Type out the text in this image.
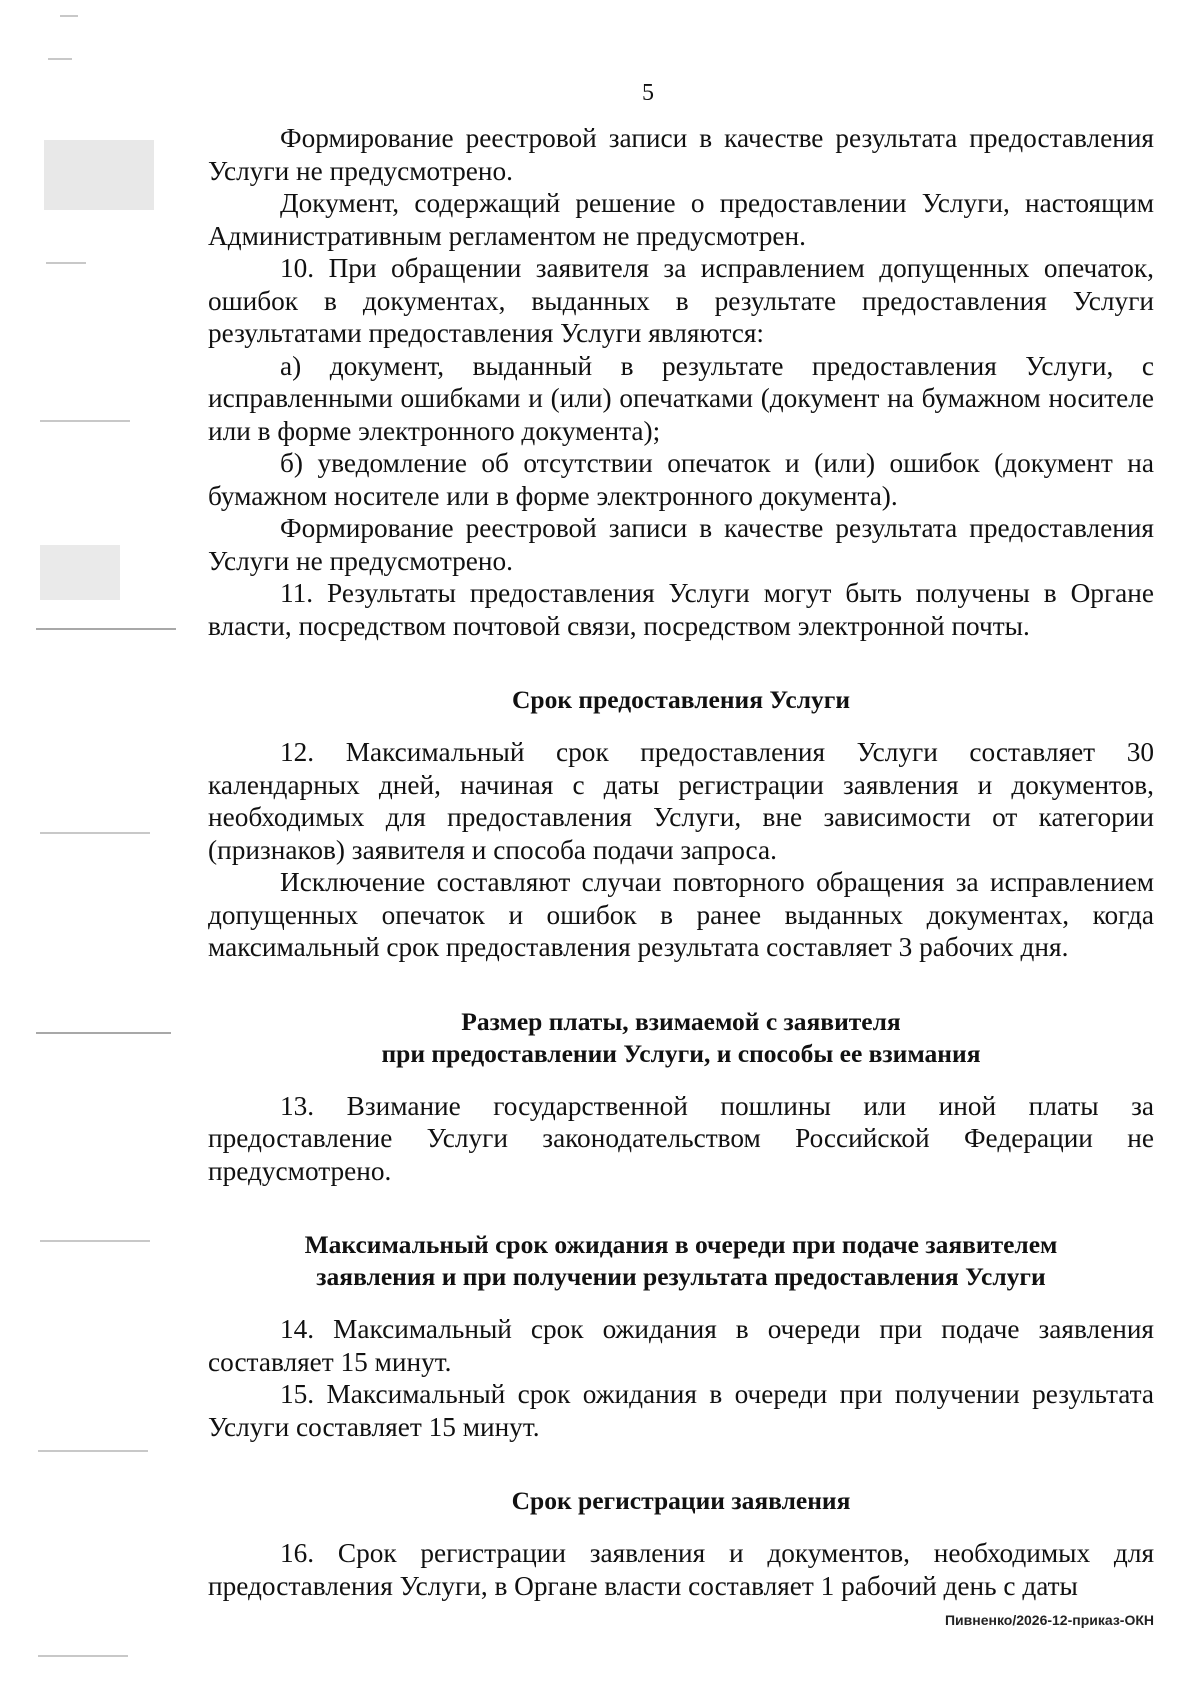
5

Формирование реестровой записи в качестве результата предоставления Услуги не предусмотрено.

Документ, содержащий решение о предоставлении Услуги, настоящим Административным регламентом не предусмотрен.

10. При обращении заявителя за исправлением допущенных опечаток, ошибок в документах, выданных в результате предоставления Услуги результатами предоставления Услуги являются:

а) документ, выданный в результате предоставления Услуги, с исправленными ошибками и (или) опечатками (документ на бумажном носителе или в форме электронного документа);

б) уведомление об отсутствии опечаток и (или) ошибок (документ на бумажном носителе или в форме электронного документа).

Формирование реестровой записи в качестве результата предоставления Услуги не предусмотрено.

11. Результаты предоставления Услуги могут быть получены в Органе власти, посредством почтовой связи, посредством электронной почты.

Срок предоставления Услуги

12. Максимальный срок предоставления Услуги составляет 30 календарных дней, начиная с даты регистрации заявления и документов, необходимых для предоставления Услуги, вне зависимости от категории (признаков) заявителя и способа подачи запроса.

Исключение составляют случаи повторного обращения за исправлением допущенных опечаток и ошибок в ранее выданных документах, когда максимальный срок предоставления результата составляет 3 рабочих дня.

Размер платы, взимаемой с заявителя
при предоставлении Услуги, и способы ее взимания

13. Взимание государственной пошлины или иной платы за предоставление Услуги законодательством Российской Федерации не предусмотрено.

Максимальный срок ожидания в очереди при подаче заявителем
заявления и при получении результата предоставления Услуги

14. Максимальный срок ожидания в очереди при подаче заявления составляет 15 минут.

15. Максимальный срок ожидания в очереди при получении результата Услуги составляет 15 минут.

Срок регистрации заявления

16. Срок регистрации заявления и документов, необходимых для предоставления Услуги, в Органе власти составляет 1 рабочий день с даты

Пивненко/2026-12-приказ-ОКН
